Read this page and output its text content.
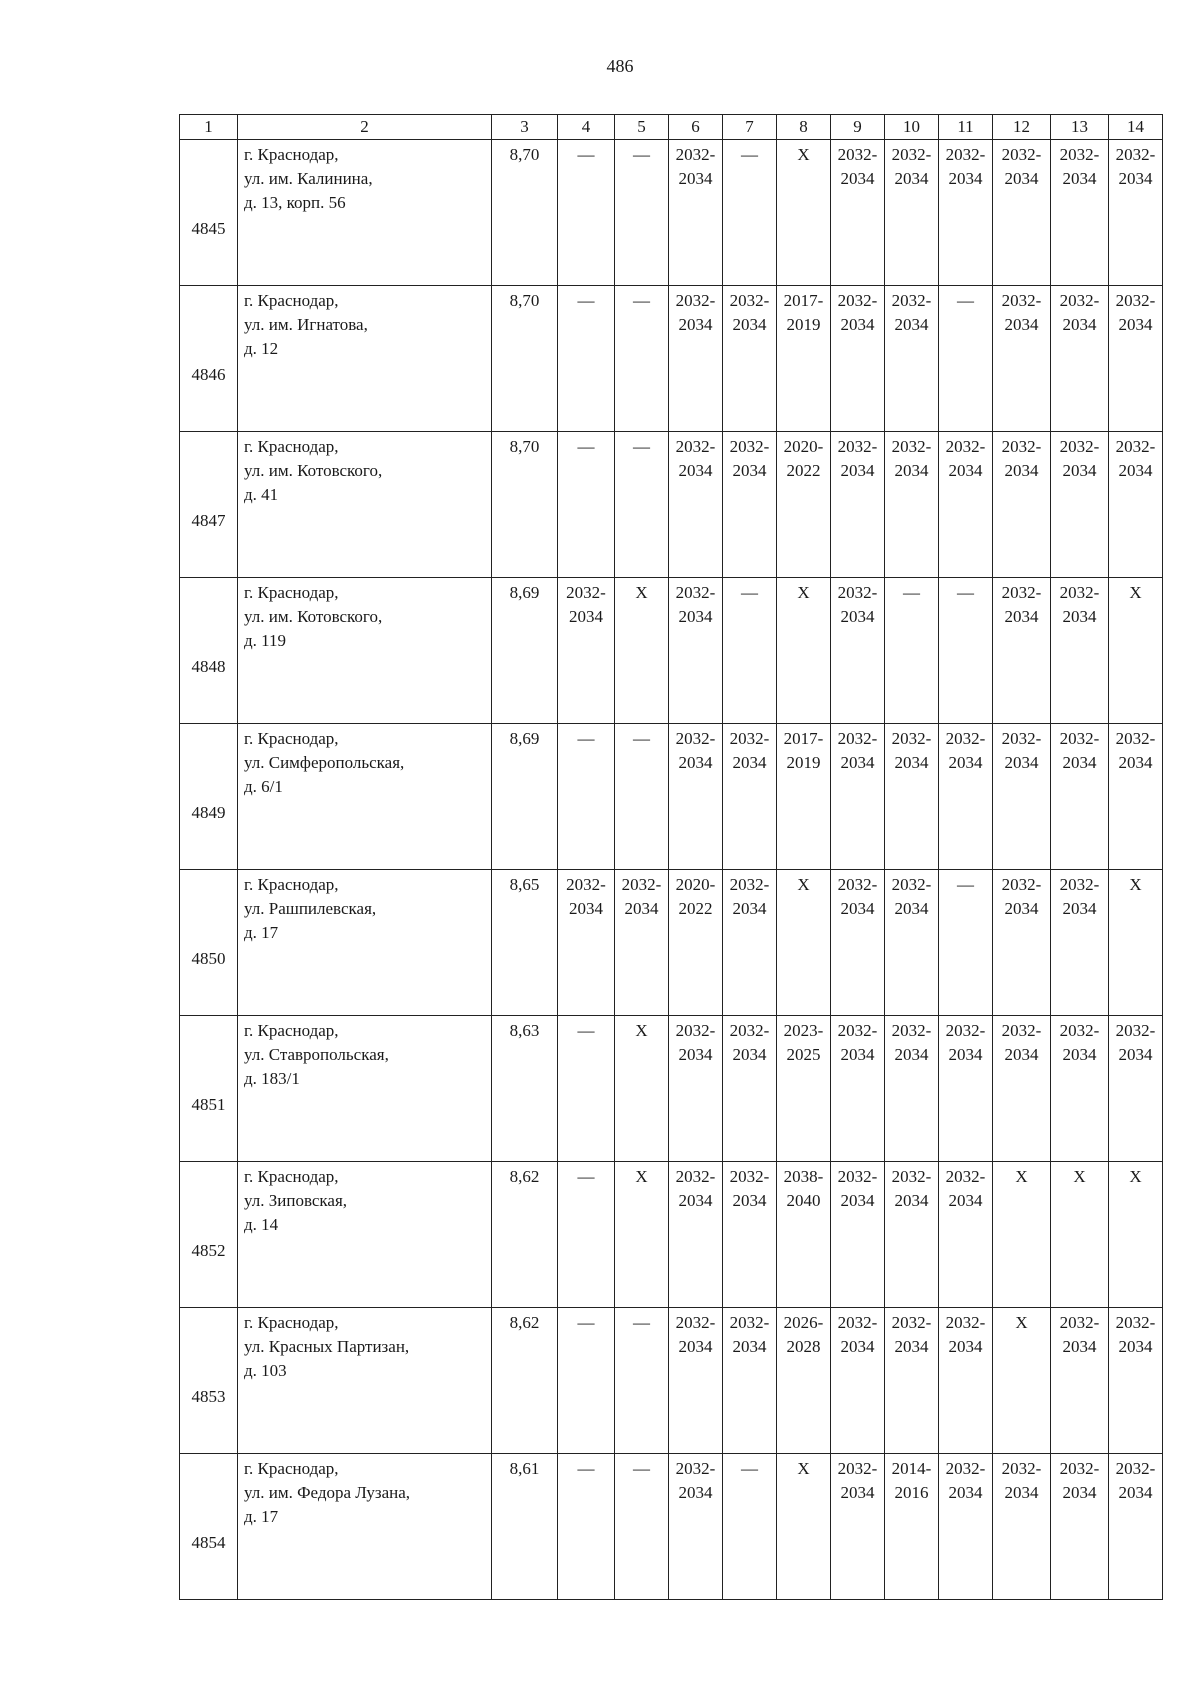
486
1	2	3	4	5	6	7	8	9	10	11	12	13	14
4845	г. Краснодар,
ул. им. Калинина,
д. 13, корп. 56	8,70	—	—	2032-
2034	—	X	2032-
2034	2032-
2034	2032-
2034	2032-
2034	2032-
2034	2032-
2034

4846	г. Краснодар,
ул. им. Игнатова,
д. 12	8,70	—	—	2032-
2034	2032-
2034	2017-
2019	2032-
2034	2032-
2034	—	2032-
2034	2032-
2034	2032-
2034

4847	г. Краснодар,
ул. им. Котовского,
д. 41	8,70	—	—	2032-
2034	2032-
2034	2020-
2022	2032-
2034	2032-
2034	2032-
2034	2032-
2034	2032-
2034	2032-
2034

4848	г. Краснодар,
ул. им. Котовского,
д. 119	8,69	2032-
2034	X	2032-
2034	—	X	2032-
2034	—	—	2032-
2034	2032-
2034	X

4849	г. Краснодар,
ул. Симферопольская,
д. 6/1	8,69	—	—	2032-
2034	2032-
2034	2017-
2019	2032-
2034	2032-
2034	2032-
2034	2032-
2034	2032-
2034	2032-
2034

4850	г. Краснодар,
ул. Рашпилевская,
д. 17	8,65	2032-
2034	2032-
2034	2020-
2022	2032-
2034	X	2032-
2034	2032-
2034	—	2032-
2034	2032-
2034	X

4851	г. Краснодар,
ул. Ставропольская,
д. 183/1	8,63	—	X	2032-
2034	2032-
2034	2023-
2025	2032-
2034	2032-
2034	2032-
2034	2032-
2034	2032-
2034	2032-
2034

4852	г. Краснодар,
ул. Зиповская,
д. 14	8,62	—	X	2032-
2034	2032-
2034	2038-
2040	2032-
2034	2032-
2034	2032-
2034	X	X	X

4853	г. Краснодар,
ул. Красных Партизан,
д. 103	8,62	—	—	2032-
2034	2032-
2034	2026-
2028	2032-
2034	2032-
2034	2032-
2034	X	2032-
2034	2032-
2034

4854	г. Краснодар,
ул. им. Федора Лузана,
д. 17	8,61	—	—	2032-
2034	—	X	2032-
2034	2014-
2016	2032-
2034	2032-
2034	2032-
2034	2032-
2034
